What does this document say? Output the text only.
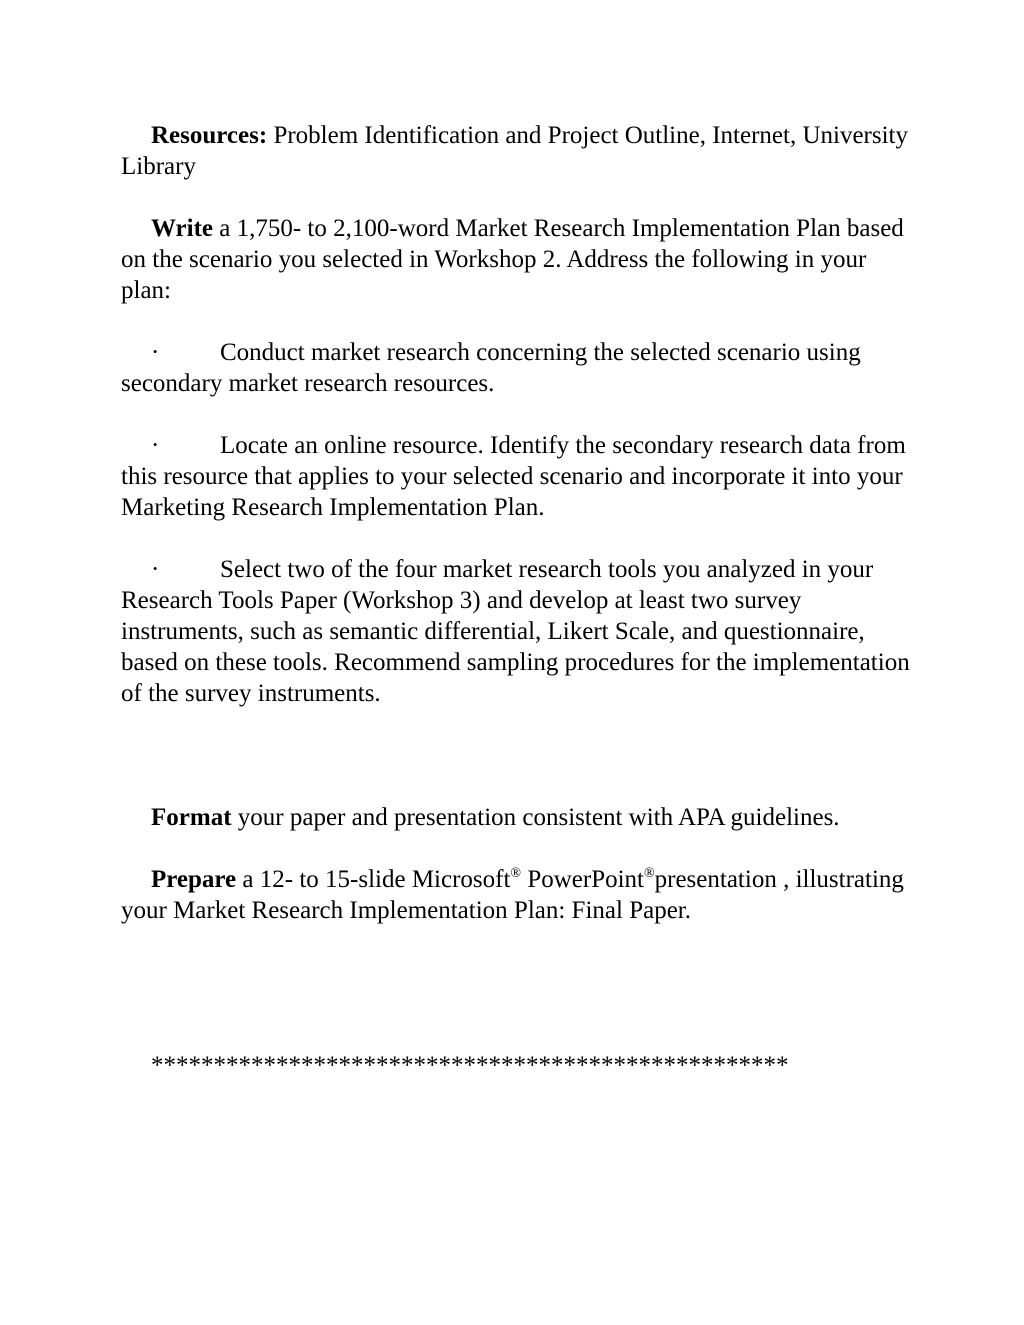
Resources: Problem Identification and Project Outline, Internet, University Library

Write a 1,750- to 2,100-word Market Research Implementation Plan based on the scenario you selected in Workshop 2. Address the following in your plan:

· Conduct market research concerning the selected scenario using secondary market research resources.

· Locate an online resource. Identify the secondary research data from this resource that applies to your selected scenario and incorporate it into your Marketing Research Implementation Plan.

· Select two of the four market research tools you analyzed in your Research Tools Paper (Workshop 3) and develop at least two survey instruments, such as semantic differential, Likert Scale, and questionnaire, based on these tools. Recommend sampling procedures for the implementation of the survey instruments.

Format your paper and presentation consistent with APA guidelines.

Prepare a 12- to 15-slide Microsoft® PowerPoint®presentation , illustrating your Market Research Implementation Plan: Final Paper.

***************************************************
